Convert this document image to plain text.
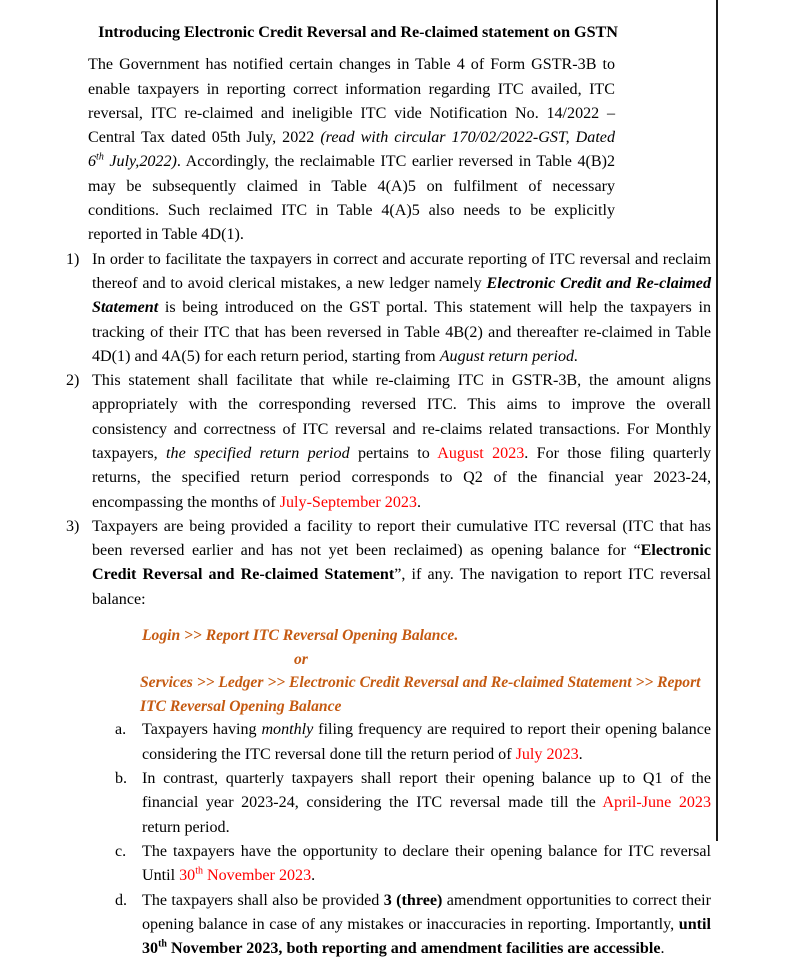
Introducing Electronic Credit Reversal and Re-claimed statement on GSTN

The Government has notified certain changes in Table 4 of Form GSTR-3B to enable taxpayers in reporting correct information regarding ITC availed, ITC reversal, ITC re-claimed and ineligible ITC vide Notification No. 14/2022 – Central Tax dated 05th July, 2022 (read with circular 170/02/2022-GST, Dated 6th July,2022). Accordingly, the reclaimable ITC earlier reversed in Table 4(B)2 may be subsequently claimed in Table 4(A)5 on fulfilment of necessary conditions. Such reclaimed ITC in Table 4(A)5 also needs to be explicitly reported in Table 4D(1).

1) In order to facilitate the taxpayers in correct and accurate reporting of ITC reversal and reclaim thereof and to avoid clerical mistakes, a new ledger namely Electronic Credit and Re-claimed Statement is being introduced on the GST portal. This statement will help the taxpayers in tracking of their ITC that has been reversed in Table 4B(2) and thereafter re-claimed in Table 4D(1) and 4A(5) for each return period, starting from August return period.
2) This statement shall facilitate that while re-claiming ITC in GSTR-3B, the amount aligns appropriately with the corresponding reversed ITC. This aims to improve the overall consistency and correctness of ITC reversal and re-claims related transactions. For Monthly taxpayers, the specified return period pertains to August 2023. For those filing quarterly returns, the specified return period corresponds to Q2 of the financial year 2023-24, encompassing the months of July-September 2023.
3) Taxpayers are being provided a facility to report their cumulative ITC reversal (ITC that has been reversed earlier and has not yet been reclaimed) as opening balance for “Electronic Credit Reversal and Re-claimed Statement”, if any. The navigation to report ITC reversal balance:
Login >> Report ITC Reversal Opening Balance.
or
Services >> Ledger >> Electronic Credit Reversal and Re-claimed Statement >> Report ITC Reversal Opening Balance
a. Taxpayers having monthly filing frequency are required to report their opening balance considering the ITC reversal done till the return period of July 2023.
b. In contrast, quarterly taxpayers shall report their opening balance up to Q1 of the financial year 2023-24, considering the ITC reversal made till the April-June 2023 return period.
c. The taxpayers have the opportunity to declare their opening balance for ITC reversal Until 30th November 2023.
d. The taxpayers shall also be provided 3 (three) amendment opportunities to correct their opening balance in case of any mistakes or inaccuracies in reporting. Importantly, until 30th November 2023, both reporting and amendment facilities are accessible.
